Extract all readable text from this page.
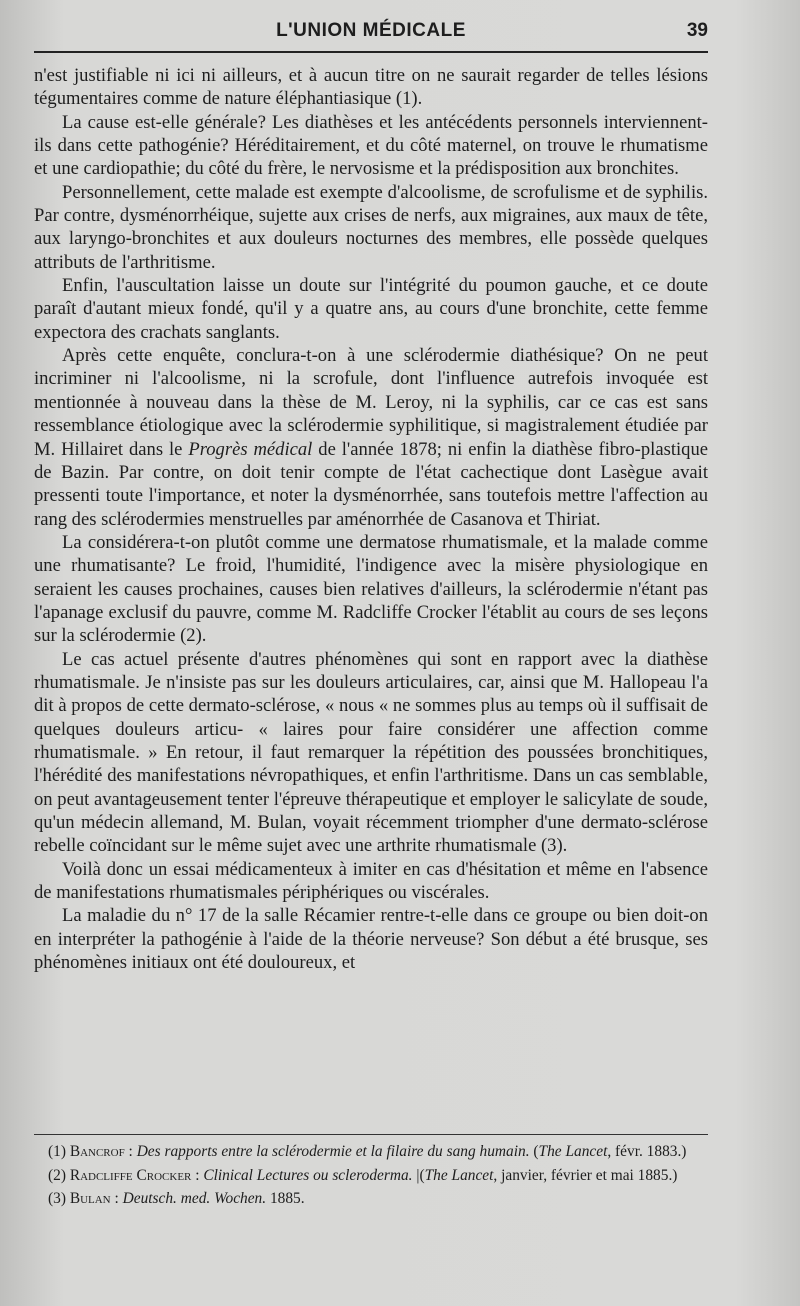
L'UNION MÉDICALE	39

n'est justifiable ni ici ni ailleurs, et à aucun titre on ne saurait regarder de telles lésions tégumentaires comme de nature éléphantiasique (1).

La cause est-elle générale? Les diathèses et les antécédents personnels interviennent-ils dans cette pathogénie? Héréditairement, et du côté maternel, on trouve le rhumatisme et une cardiopathie; du côté du frère, le nervosisme et la prédisposition aux bronchites.

Personnellement, cette malade est exempte d'alcoolisme, de scrofulisme et de syphilis. Par contre, dysménorrhéique, sujette aux crises de nerfs, aux migraines, aux maux de tête, aux laryngo-bronchites et aux douleurs nocturnes des membres, elle possède quelques attributs de l'arthritisme.

Enfin, l'auscultation laisse un doute sur l'intégrité du poumon gauche, et ce doute paraît d'autant mieux fondé, qu'il y a quatre ans, au cours d'une bronchite, cette femme expectora des crachats sanglants.

Après cette enquête, conclura-t-on à une sclérodermie diathésique? On ne peut incriminer ni l'alcoolisme, ni la scrofule, dont l'influence autrefois invoquée est mentionnée à nouveau dans la thèse de M. Leroy, ni la syphilis, car ce cas est sans ressemblance étiologique avec la sclérodermie syphilitique, si magistralement étudiée par M. Hillairet dans le Progrès médical de l'année 1878; ni enfin la diathèse fibro-plastique de Bazin. Par contre, on doit tenir compte de l'état cachectique dont Lasègue avait pressenti toute l'importance, et noter la dysménorrhée, sans toutefois mettre l'affection au rang des sclérodermies menstruelles par aménorrhée de Casanova et Thiriat.

La considérera-t-on plutôt comme une dermatose rhumatismale, et la malade comme une rhumatisante? Le froid, l'humidité, l'indigence avec la misère physiologique en seraient les causes prochaines, causes bien relatives d'ailleurs, la sclérodermie n'étant pas l'apanage exclusif du pauvre, comme M. Radcliffe Crocker l'établit au cours de ses leçons sur la sclérodermie (2).

Le cas actuel présente d'autres phénomènes qui sont en rapport avec la diathèse rhumatismale. Je n'insiste pas sur les douleurs articulaires, car, ainsi que M. Hallopeau l'a dit à propos de cette dermato-sclérose, « nous « ne sommes plus au temps où il suffisait de quelques douleurs articu- « laires pour faire considérer une affection comme rhumatismale. » En retour, il faut remarquer la répétition des poussées bronchitiques, l'hérédité des manifestations névropathiques, et enfin l'arthritisme. Dans un cas semblable, on peut avantageusement tenter l'épreuve thérapeutique et employer le salicylate de soude, qu'un médecin allemand, M. Bulan, voyait récemment triompher d'une dermato-sclérose rebelle coïncidant sur le même sujet avec une arthrite rhumatismale (3).

Voilà donc un essai médicamenteux à imiter en cas d'hésitation et même en l'absence de manifestations rhumatismales périphériques ou viscérales.

La maladie du n° 17 de la salle Récamier rentre-t-elle dans ce groupe ou bien doit-on en interpréter la pathogénie à l'aide de la théorie nerveuse? Son début a été brusque, ses phénomènes initiaux ont été douloureux, et

(1) Bancrof : Des rapports entre la sclérodermie et la filaire du sang humain. (The Lancet, févr. 1883.)

(2) Radcliffe Crocker : Clinical Lectures ou scleroderma. |(The Lancet, janvier, février et mai 1885.)

(3) Bulan : Deutsch. med. Wochen. 1885.
